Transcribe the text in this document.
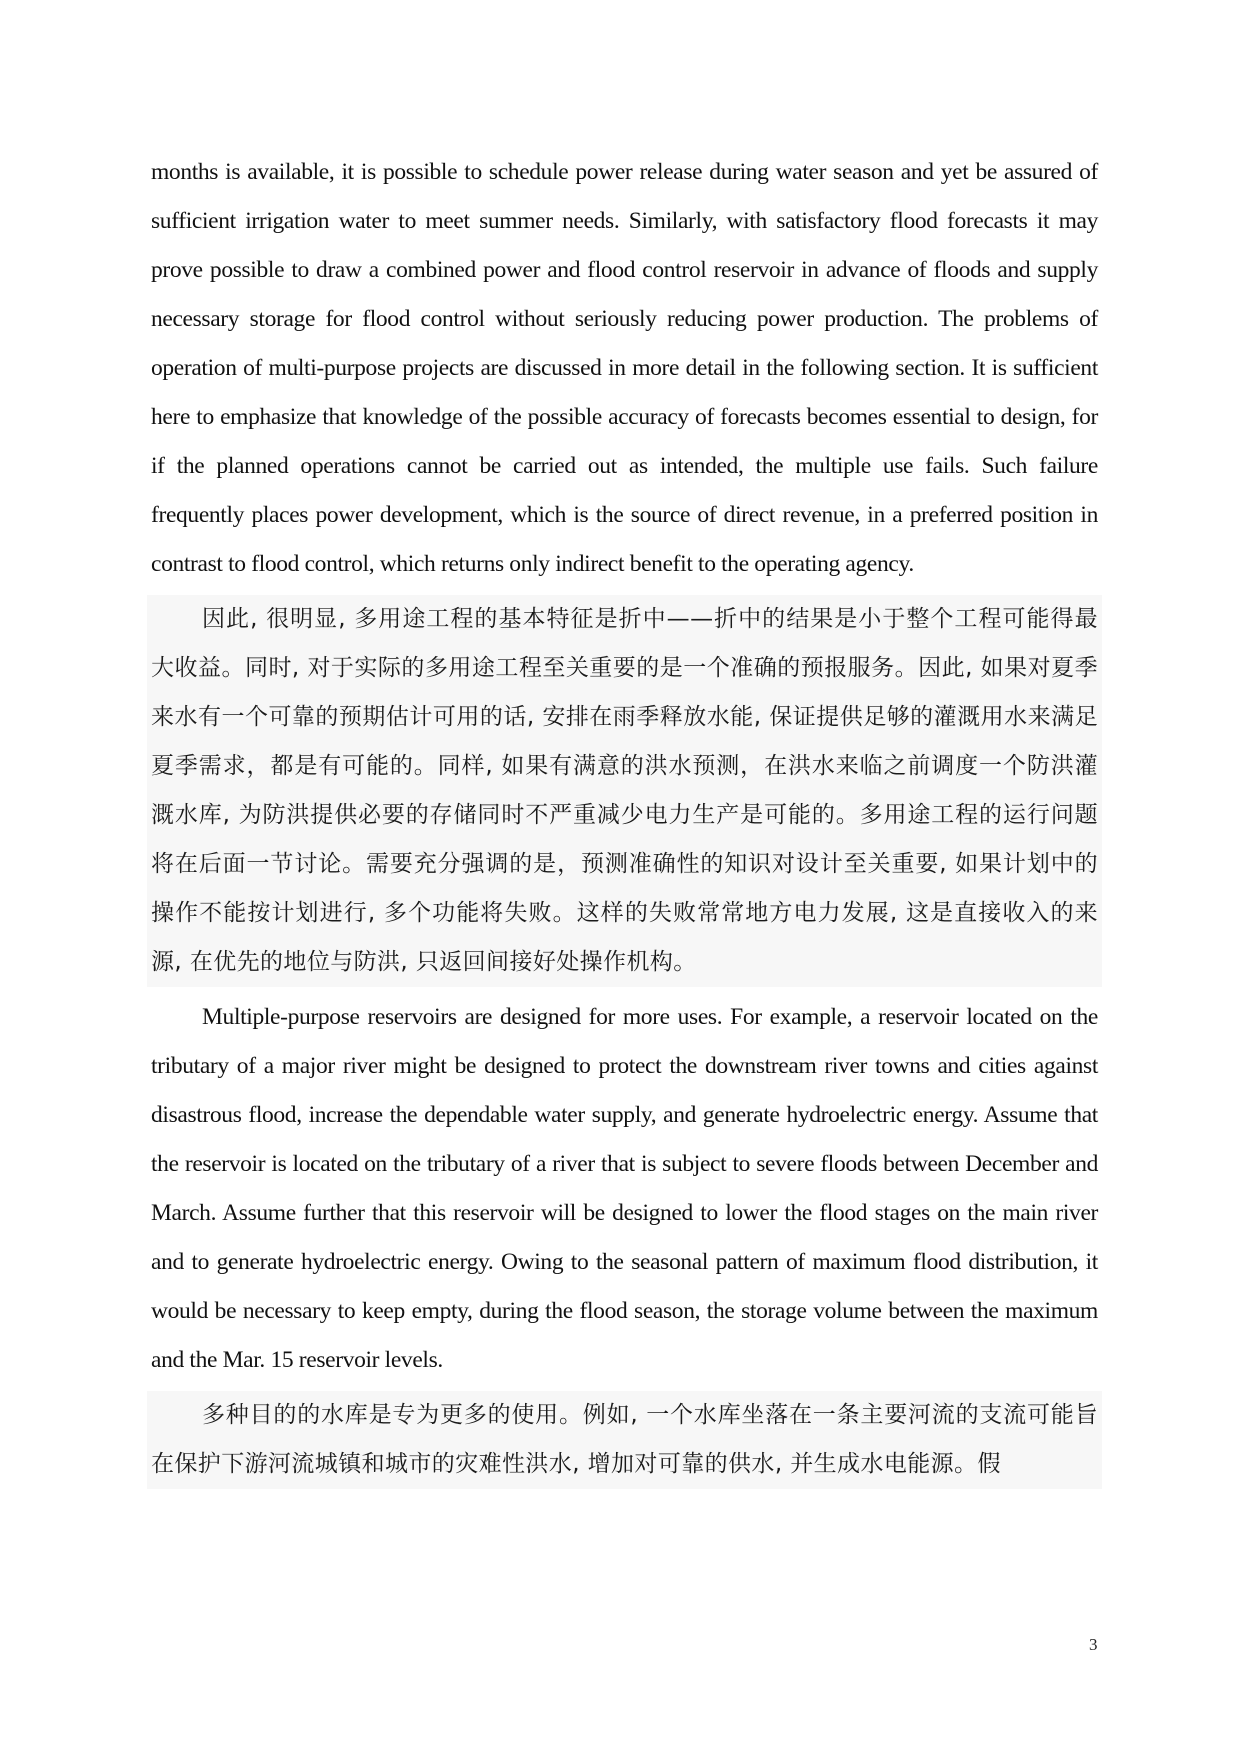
months is available, it is possible to schedule power release during water season and yet be assured of sufficient irrigation water to meet summer needs. Similarly, with satisfactory flood forecasts it may prove possible to draw a combined power and flood control reservoir in advance of floods and supply necessary storage for flood control without seriously reducing power production. The problems of operation of multi-purpose projects are discussed in more detail in the following section. It is sufficient here to emphasize that knowledge of the possible accuracy of forecasts becomes essential to design, for if the planned operations cannot be carried out as intended, the multiple use fails. Such failure frequently places power development, which is the source of direct revenue, in a preferred position in contrast to flood control, which returns only indirect benefit to the operating agency.

因此, 很明显, 多用途工程的基本特征是折中——折中的结果是小于整个工程可能得最大收益。同时, 对于实际的多用途工程至关重要的是一个准确的预报服务。因此, 如果对夏季来水有一个可靠的预期估计可用的话, 安排在雨季释放水能, 保证提供足够的灌溉用水来满足夏季需求，都是有可能的。同样, 如果有满意的洪水预测，在洪水来临之前调度一个防洪灌溉水库, 为防洪提供必要的存储同时不严重减少电力生产是可能的。多用途工程的运行问题将在后面一节讨论。需要充分强调的是，预测准确性的知识对设计至关重要, 如果计划中的操作不能按计划进行, 多个功能将失败。这样的失败常常地方电力发展, 这是直接收入的来源, 在优先的地位与防洪, 只返回间接好处操作机构。

Multiple-purpose reservoirs are designed for more uses. For example, a reservoir located on the tributary of a major river might be designed to protect the downstream river towns and cities against disastrous flood, increase the dependable water supply, and generate hydroelectric energy. Assume that the reservoir is located on the tributary of a river that is subject to severe floods between December and March. Assume further that this reservoir will be designed to lower the flood stages on the main river and to generate hydroelectric energy. Owing to the seasonal pattern of maximum flood distribution, it would be necessary to keep empty, during the flood season, the storage volume between the maximum and the Mar. 15 reservoir levels.

多种目的的水库是专为更多的使用。例如, 一个水库坐落在一条主要河流的支流可能旨在保护下游河流城镇和城市的灾难性洪水, 增加对可靠的供水, 并生成水电能源。假

3
